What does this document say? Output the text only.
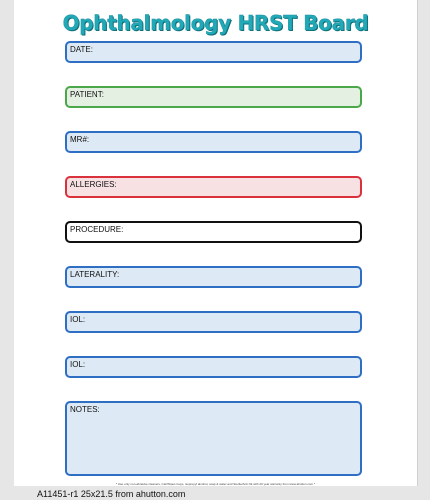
Ophthalmology HRST Board
DATE:
PATIENT:
MR#:
ALLERGIES:
PROCEDURE:
LATERALITY:
IOL:
IOL:
NOTES:
* Use only non-abrasive cleaners, Car/Wipes Guys, isopropyl alcohol, soap & water and Sterile/Anti Ok with 20 year warranty from www.ahutton.com *
A11451-r1 25x21.5 from ahutton.com
